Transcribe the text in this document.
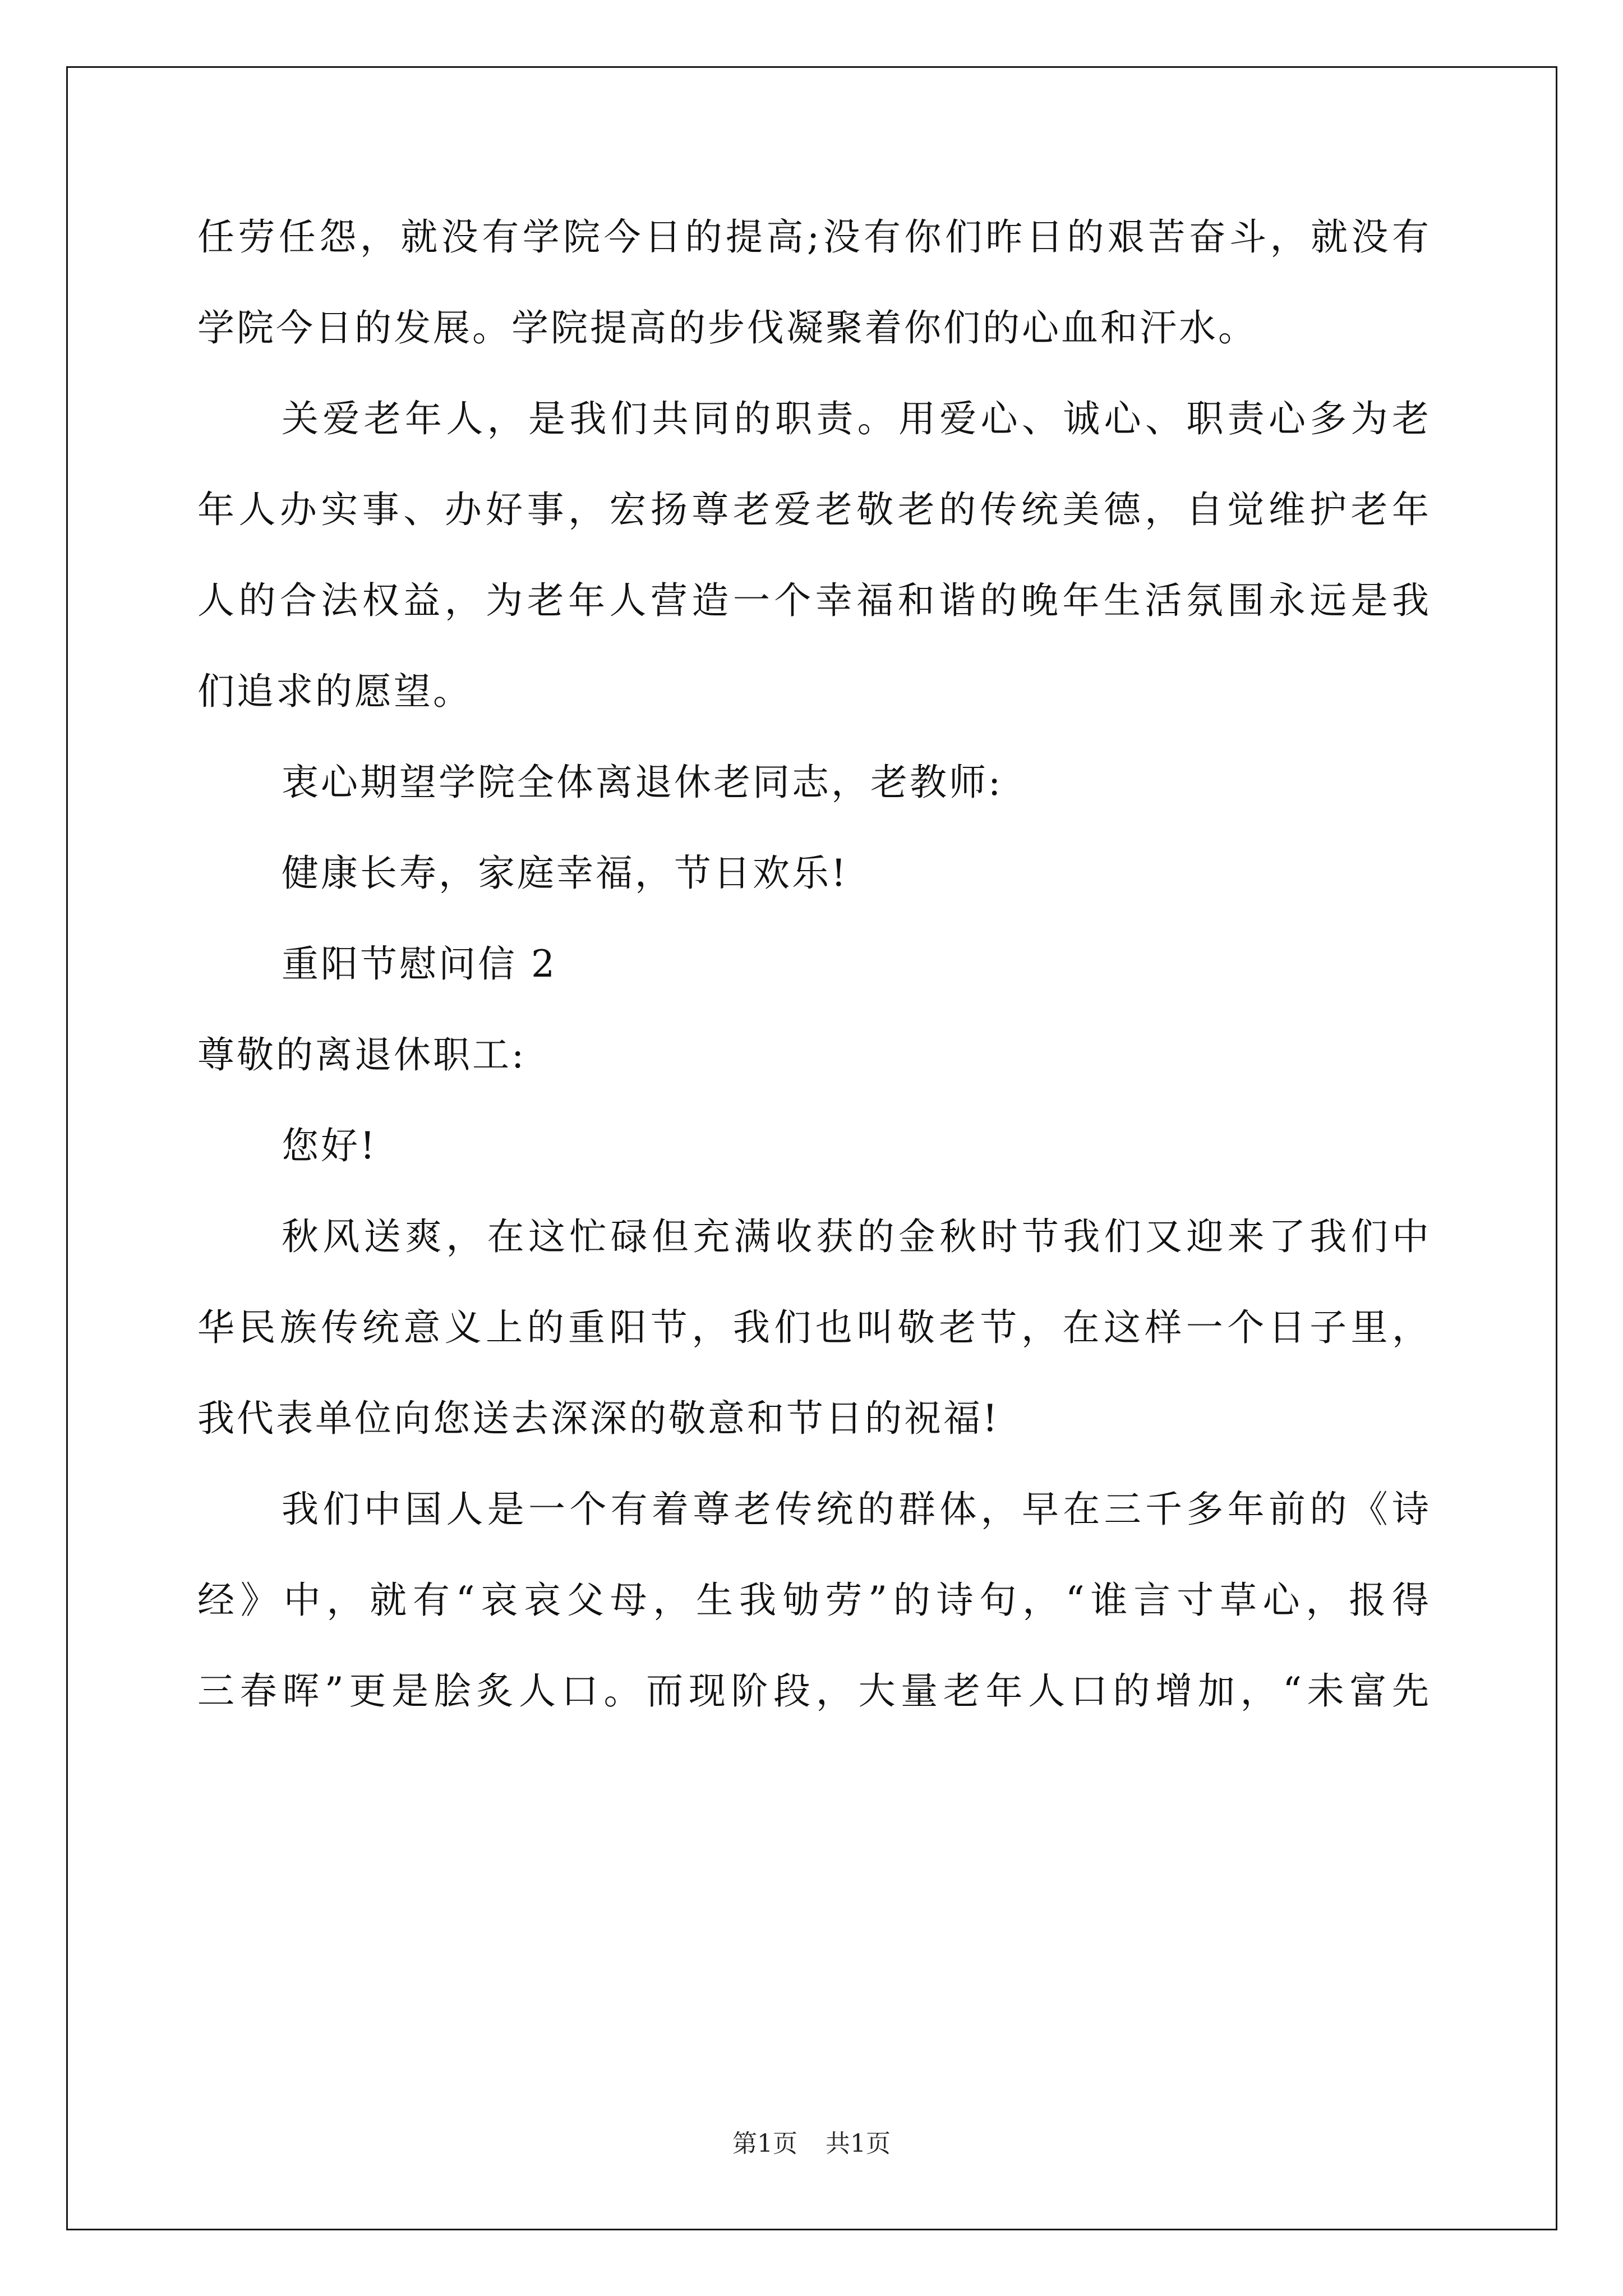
任劳任怨，就没有学院今日的提高;没有你们昨日的艰苦奋斗，就没有
学院今日的发展。学院提高的步伐凝聚着你们的心血和汗水。
关爱老年人，是我们共同的职责。用爱心、诚心、职责心多为老
年人办实事、办好事，宏扬尊老爱老敬老的传统美德，自觉维护老年
人的合法权益，为老年人营造一个幸福和谐的晚年生活氛围永远是我
们追求的愿望。
衷心期望学院全体离退休老同志，老教师:
健康长寿，家庭幸福，节日欢乐!
重阳节慰问信 2
尊敬的离退休职工:
您好!
秋风送爽，在这忙碌但充满收获的金秋时节我们又迎来了我们中
华民族传统意义上的重阳节，我们也叫敬老节，在这样一个日子里，
我代表单位向您送去深深的敬意和节日的祝福!
我们中国人是一个有着尊老传统的群体，早在三千多年前的《诗
经》中，就有“哀哀父母，生我劬劳”的诗句，“谁言寸草心，报得
三春晖”更是脍炙人口。而现阶段，大量老年人口的增加，“未富先
第1页 共1页
